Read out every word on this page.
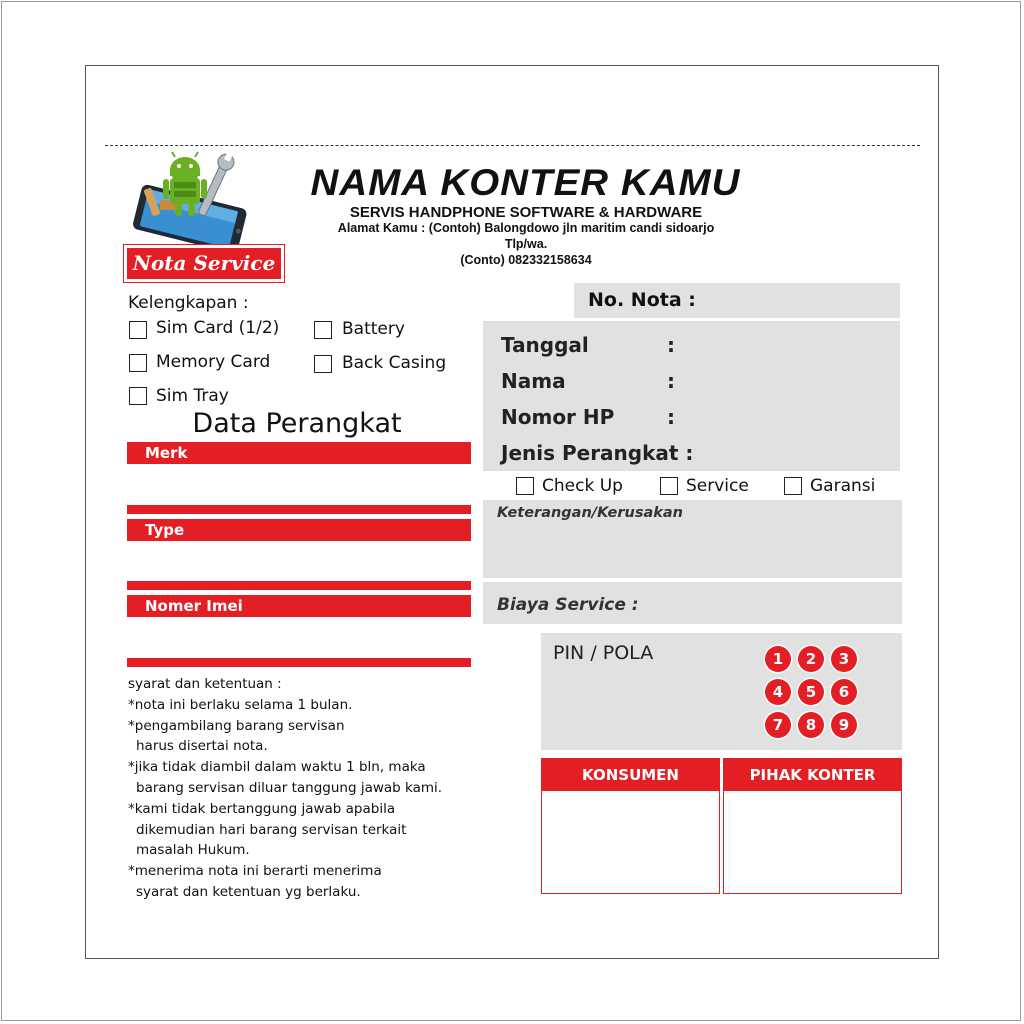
NAMA KONTER KAMU
SERVIS HANDPHONE SOFTWARE & HARDWARE
Alamat Kamu : (Contoh) Balongdowo jln maritim candi sidoarjo
Tlp/wa.
(Conto) 082332158634
Nota Service
Kelengkapan :
Sim Card (1/2)	Battery
Memory Card	Back Casing
Sim Tray
Data Perangkat
Merk
Type
Nomer Imei
syarat dan ketentuan :
*nota ini berlaku selama 1 bulan.
*pengambilang barang servisan
harus disertai nota.
*jika tidak diambil dalam waktu 1 bln, maka
barang servisan diluar tanggung jawab kami.
*kami tidak bertanggung jawab apabila
dikemudian hari barang servisan terkait
masalah Hukum.
*menerima nota ini berarti menerima
syarat dan ketentuan yg berlaku.
No. Nota :
Tanggal	:
Nama	:
Nomor HP	:
Jenis Perangkat :
Check Up	Service	Garansi
Keterangan/Kerusakan
Biaya Service :
PIN / POLA	1	2	3
4	5	6
7	8	9
KONSUMEN	PIHAK KONTER
